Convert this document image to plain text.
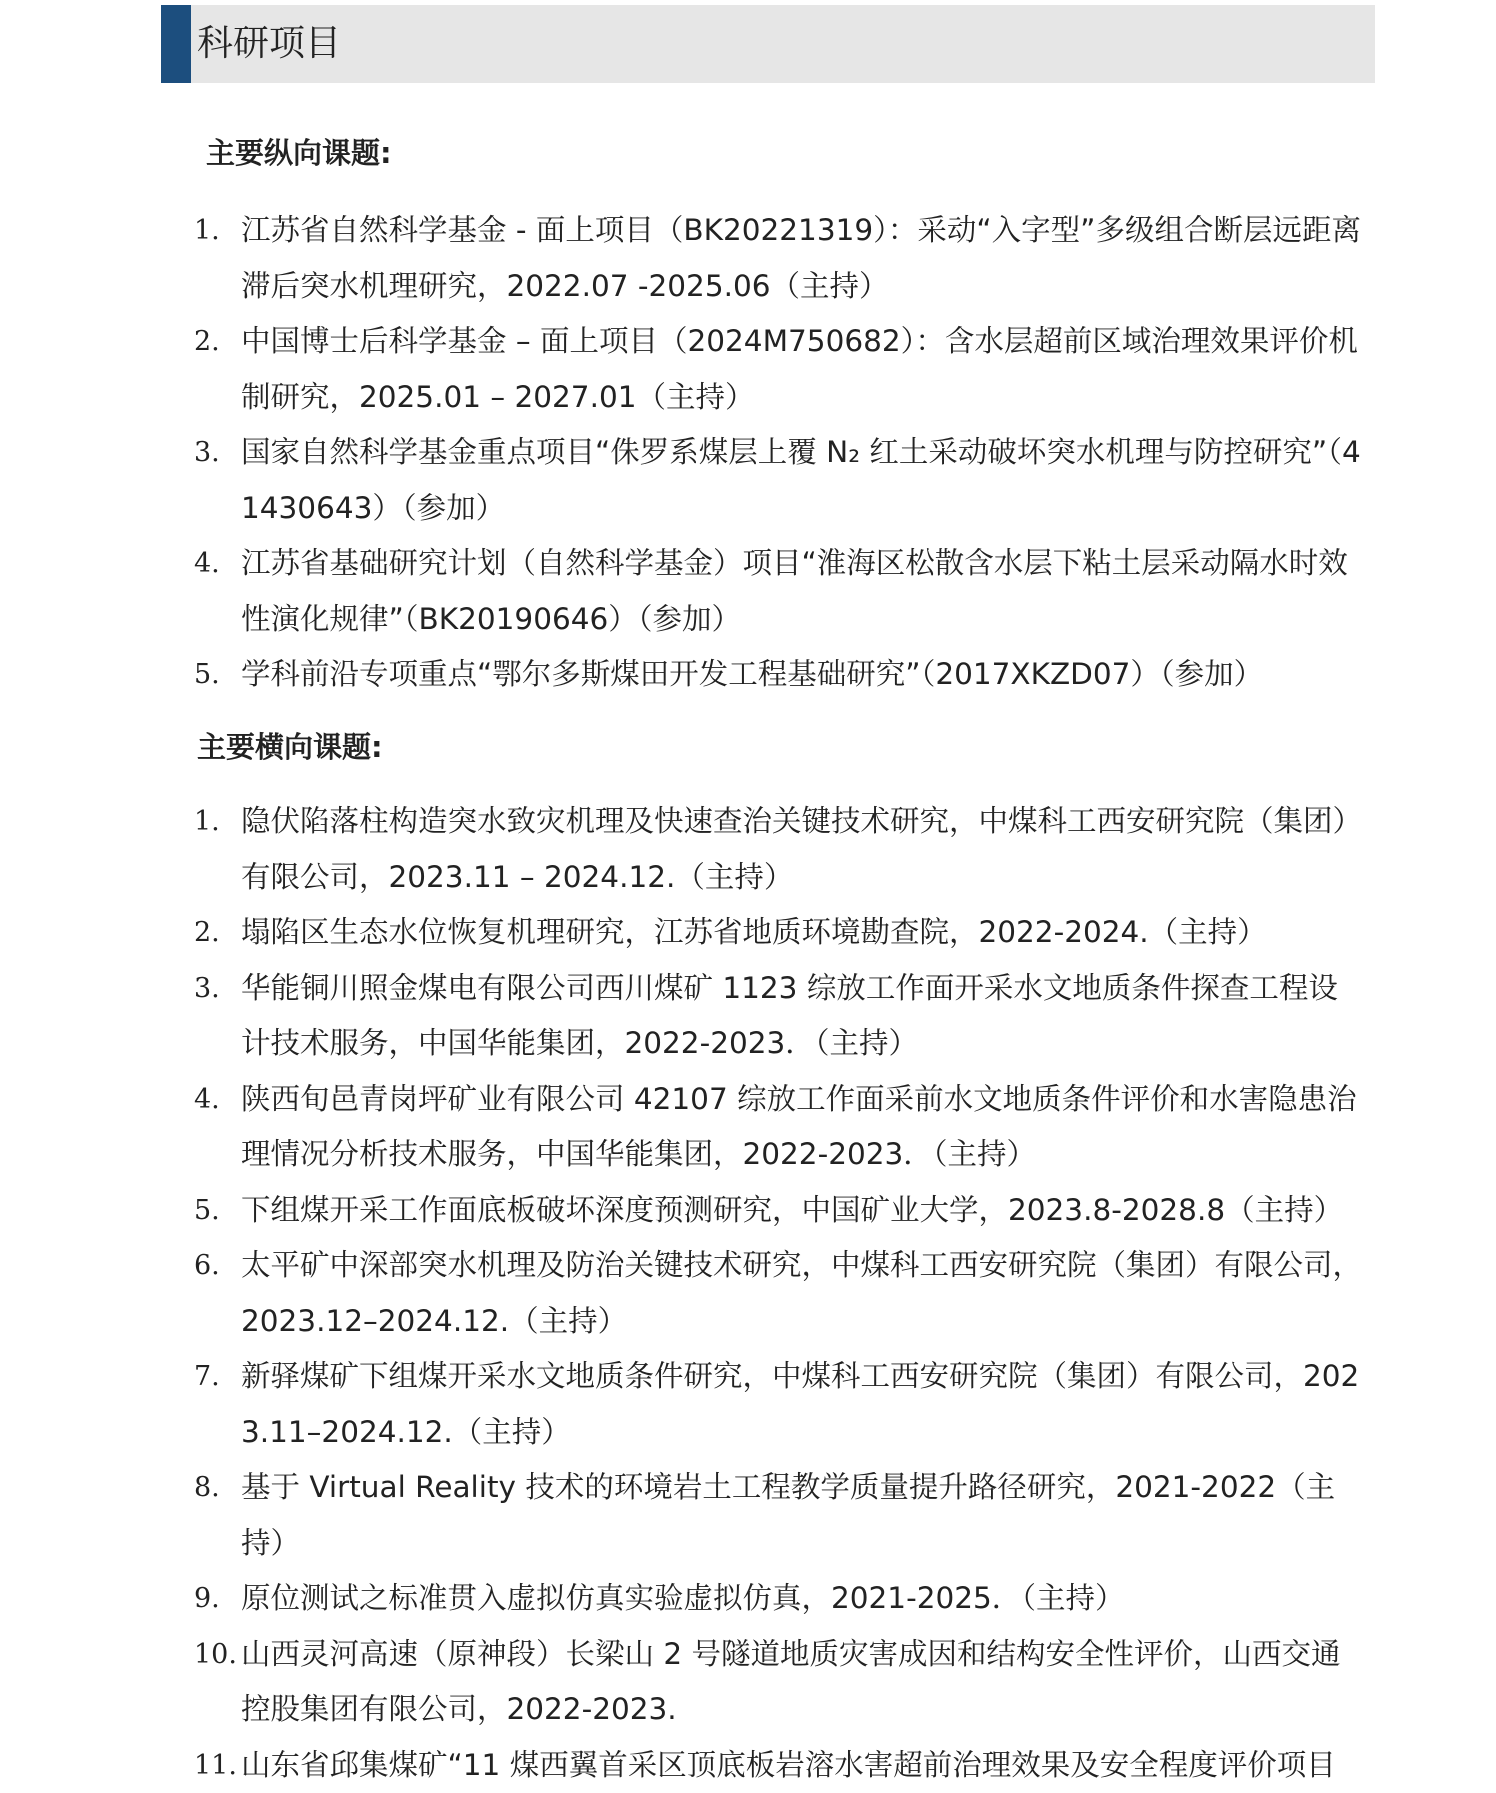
科研项目
主要纵向课题:
1. 江苏省自然科学基金 - 面上项目（BK20221319）：采动“入字型”多级组合断层远距离滞后突水机理研究，2022.07 -2025.06（主持）
2. 中国博士后科学基金 – 面上项目（2024M750682）：含水层超前区域治理效果评价机制研究，2025.01 – 2027.01（主持）
3. 国家自然科学基金重点项目“侏罗系煤层上覆 N₂ 红土采动破坏突水机理与防控研究”（41430643）（参加）
4. 江苏省基础研究计划（自然科学基金）项目“淮海区松散含水层下粘土层采动隔水时效性演化规律”（BK20190646）（参加）
5. 学科前沿专项重点“鄂尔多斯煤田开发工程基础研究”（2017XKZD07）（参加）
主要横向课题:
1. 隐伏陷落柱构造突水致灾机理及快速查治关键技术研究，中煤科工西安研究院（集团）有限公司，2023.11 – 2024.12.（主持）
2. 塌陷区生态水位恢复机理研究，江苏省地质环境勘查院，2022-2024.（主持）
3. 华能铜川照金煤电有限公司西川煤矿 1123 综放工作面开采水文地质条件探查工程设计技术服务，中国华能集团，2022-2023．（主持）
4. 陕西旬邑青岗坪矿业有限公司 42107 综放工作面采前水文地质条件评价和水害隐患治理情况分析技术服务，中国华能集团，2022-2023．（主持）
5. 下组煤开采工作面底板破坏深度预测研究，中国矿业大学，2023.8-2028.8（主持）
6. 太平矿中深部突水机理及防治关键技术研究，中煤科工西安研究院（集团）有限公司，2023.12–2024.12.（主持）
7. 新驿煤矿下组煤开采水文地质条件研究，中煤科工西安研究院（集团）有限公司，2023.11–2024.12.（主持）
8. 基于 Virtual Reality 技术的环境岩土工程教学质量提升路径研究，2021-2022（主持）
9. 原位测试之标准贯入虚拟仿真实验虚拟仿真，2021-2025．（主持）
10. 山西灵河高速（原神段）长梁山 2 号隧道地质灾害成因和结构安全性评价，山西交通控股集团有限公司，2022-2023.
11. 山东省邱集煤矿“11 煤西翼首采区顶底板岩溶水害超前治理效果及安全程度评价项目
